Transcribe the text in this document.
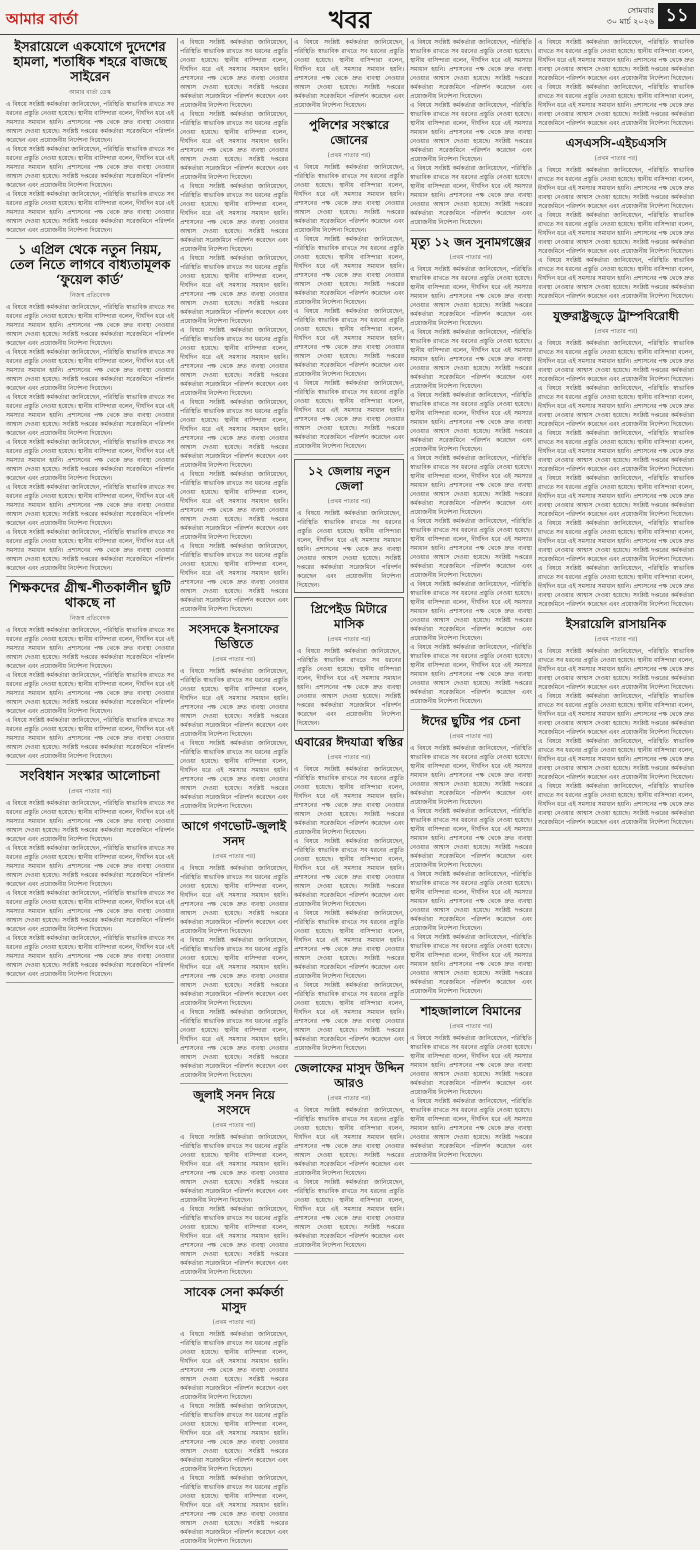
আমার বার্তা	খবর	সোমবার
৩০ মার্চ ২০২৬ ১১
ইসরায়েলে একযোগে দুদেশের হামলা, শতাধিক শহরে বাজছে সাইরেন

আমার বার্তা ডেস্ক

এ বিষয়ে সংশ্লিষ্ট কর্মকর্তারা জানিয়েছেন, পরিস্থিতি স্বাভাবিক রাখতে সব ধরনের প্রস্তুতি নেওয়া হয়েছে। স্থানীয় বাসিন্দারা বলেন, দীর্ঘদিন ধরে এই সমস্যার সমাধান হয়নি। প্রশাসনের পক্ষ থেকে দ্রুত ব্যবস্থা নেওয়ার আশ্বাস দেওয়া হয়েছে। সংশ্লিষ্ট দপ্তরের কর্মকর্তারা সরেজমিনে পরিদর্শন করেছেন এবং প্রয়োজনীয় নির্দেশনা দিয়েছেন।

এ বিষয়ে সংশ্লিষ্ট কর্মকর্তারা জানিয়েছেন, পরিস্থিতি স্বাভাবিক রাখতে সব ধরনের প্রস্তুতি নেওয়া হয়েছে। স্থানীয় বাসিন্দারা বলেন, দীর্ঘদিন ধরে এই সমস্যার সমাধান হয়নি। প্রশাসনের পক্ষ থেকে দ্রুত ব্যবস্থা নেওয়ার আশ্বাস দেওয়া হয়েছে। সংশ্লিষ্ট দপ্তরের কর্মকর্তারা সরেজমিনে পরিদর্শন করেছেন এবং প্রয়োজনীয় নির্দেশনা দিয়েছেন।

এ বিষয়ে সংশ্লিষ্ট কর্মকর্তারা জানিয়েছেন, পরিস্থিতি স্বাভাবিক রাখতে সব ধরনের প্রস্তুতি নেওয়া হয়েছে। স্থানীয় বাসিন্দারা বলেন, দীর্ঘদিন ধরে এই সমস্যার সমাধান হয়নি। প্রশাসনের পক্ষ থেকে দ্রুত ব্যবস্থা নেওয়ার আশ্বাস দেওয়া হয়েছে। সংশ্লিষ্ট দপ্তরের কর্মকর্তারা সরেজমিনে পরিদর্শন করেছেন এবং প্রয়োজনীয় নির্দেশনা দিয়েছেন।

১ এপ্রিল থেকে নতুন নিয়ম, তেল নিতে লাগবে বাধ্যতামূলক ‘ফুয়েল কার্ড’

নিজস্ব প্রতিবেদক

এ বিষয়ে সংশ্লিষ্ট কর্মকর্তারা জানিয়েছেন, পরিস্থিতি স্বাভাবিক রাখতে সব ধরনের প্রস্তুতি নেওয়া হয়েছে। স্থানীয় বাসিন্দারা বলেন, দীর্ঘদিন ধরে এই সমস্যার সমাধান হয়নি। প্রশাসনের পক্ষ থেকে দ্রুত ব্যবস্থা নেওয়ার আশ্বাস দেওয়া হয়েছে। সংশ্লিষ্ট দপ্তরের কর্মকর্তারা সরেজমিনে পরিদর্শন করেছেন এবং প্রয়োজনীয় নির্দেশনা দিয়েছেন।

এ বিষয়ে সংশ্লিষ্ট কর্মকর্তারা জানিয়েছেন, পরিস্থিতি স্বাভাবিক রাখতে সব ধরনের প্রস্তুতি নেওয়া হয়েছে। স্থানীয় বাসিন্দারা বলেন, দীর্ঘদিন ধরে এই সমস্যার সমাধান হয়নি। প্রশাসনের পক্ষ থেকে দ্রুত ব্যবস্থা নেওয়ার আশ্বাস দেওয়া হয়েছে। সংশ্লিষ্ট দপ্তরের কর্মকর্তারা সরেজমিনে পরিদর্শন করেছেন এবং প্রয়োজনীয় নির্দেশনা দিয়েছেন।

এ বিষয়ে সংশ্লিষ্ট কর্মকর্তারা জানিয়েছেন, পরিস্থিতি স্বাভাবিক রাখতে সব ধরনের প্রস্তুতি নেওয়া হয়েছে। স্থানীয় বাসিন্দারা বলেন, দীর্ঘদিন ধরে এই সমস্যার সমাধান হয়নি। প্রশাসনের পক্ষ থেকে দ্রুত ব্যবস্থা নেওয়ার আশ্বাস দেওয়া হয়েছে। সংশ্লিষ্ট দপ্তরের কর্মকর্তারা সরেজমিনে পরিদর্শন করেছেন এবং প্রয়োজনীয় নির্দেশনা দিয়েছেন।

এ বিষয়ে সংশ্লিষ্ট কর্মকর্তারা জানিয়েছেন, পরিস্থিতি স্বাভাবিক রাখতে সব ধরনের প্রস্তুতি নেওয়া হয়েছে। স্থানীয় বাসিন্দারা বলেন, দীর্ঘদিন ধরে এই সমস্যার সমাধান হয়নি। প্রশাসনের পক্ষ থেকে দ্রুত ব্যবস্থা নেওয়ার আশ্বাস দেওয়া হয়েছে। সংশ্লিষ্ট দপ্তরের কর্মকর্তারা সরেজমিনে পরিদর্শন করেছেন এবং প্রয়োজনীয় নির্দেশনা দিয়েছেন।

এ বিষয়ে সংশ্লিষ্ট কর্মকর্তারা জানিয়েছেন, পরিস্থিতি স্বাভাবিক রাখতে সব ধরনের প্রস্তুতি নেওয়া হয়েছে। স্থানীয় বাসিন্দারা বলেন, দীর্ঘদিন ধরে এই সমস্যার সমাধান হয়নি। প্রশাসনের পক্ষ থেকে দ্রুত ব্যবস্থা নেওয়ার আশ্বাস দেওয়া হয়েছে। সংশ্লিষ্ট দপ্তরের কর্মকর্তারা সরেজমিনে পরিদর্শন করেছেন এবং প্রয়োজনীয় নির্দেশনা দিয়েছেন।

এ বিষয়ে সংশ্লিষ্ট কর্মকর্তারা জানিয়েছেন, পরিস্থিতি স্বাভাবিক রাখতে সব ধরনের প্রস্তুতি নেওয়া হয়েছে। স্থানীয় বাসিন্দারা বলেন, দীর্ঘদিন ধরে এই সমস্যার সমাধান হয়নি। প্রশাসনের পক্ষ থেকে দ্রুত ব্যবস্থা নেওয়ার আশ্বাস দেওয়া হয়েছে। সংশ্লিষ্ট দপ্তরের কর্মকর্তারা সরেজমিনে পরিদর্শন করেছেন এবং প্রয়োজনীয় নির্দেশনা দিয়েছেন।

শিক্ষকদের গ্রীষ্ম-শীতকালীন ছুটি থাকছে না

নিজস্ব প্রতিবেদক

এ বিষয়ে সংশ্লিষ্ট কর্মকর্তারা জানিয়েছেন, পরিস্থিতি স্বাভাবিক রাখতে সব ধরনের প্রস্তুতি নেওয়া হয়েছে। স্থানীয় বাসিন্দারা বলেন, দীর্ঘদিন ধরে এই সমস্যার সমাধান হয়নি। প্রশাসনের পক্ষ থেকে দ্রুত ব্যবস্থা নেওয়ার আশ্বাস দেওয়া হয়েছে। সংশ্লিষ্ট দপ্তরের কর্মকর্তারা সরেজমিনে পরিদর্শন করেছেন এবং প্রয়োজনীয় নির্দেশনা দিয়েছেন।

এ বিষয়ে সংশ্লিষ্ট কর্মকর্তারা জানিয়েছেন, পরিস্থিতি স্বাভাবিক রাখতে সব ধরনের প্রস্তুতি নেওয়া হয়েছে। স্থানীয় বাসিন্দারা বলেন, দীর্ঘদিন ধরে এই সমস্যার সমাধান হয়নি। প্রশাসনের পক্ষ থেকে দ্রুত ব্যবস্থা নেওয়ার আশ্বাস দেওয়া হয়েছে। সংশ্লিষ্ট দপ্তরের কর্মকর্তারা সরেজমিনে পরিদর্শন করেছেন এবং প্রয়োজনীয় নির্দেশনা দিয়েছেন।

এ বিষয়ে সংশ্লিষ্ট কর্মকর্তারা জানিয়েছেন, পরিস্থিতি স্বাভাবিক রাখতে সব ধরনের প্রস্তুতি নেওয়া হয়েছে। স্থানীয় বাসিন্দারা বলেন, দীর্ঘদিন ধরে এই সমস্যার সমাধান হয়নি। প্রশাসনের পক্ষ থেকে দ্রুত ব্যবস্থা নেওয়ার আশ্বাস দেওয়া হয়েছে। সংশ্লিষ্ট দপ্তরের কর্মকর্তারা সরেজমিনে পরিদর্শন করেছেন এবং প্রয়োজনীয় নির্দেশনা দিয়েছেন।

সংবিধান সংস্কার আলোচনা

(প্রথম পাতার পর)

এ বিষয়ে সংশ্লিষ্ট কর্মকর্তারা জানিয়েছেন, পরিস্থিতি স্বাভাবিক রাখতে সব ধরনের প্রস্তুতি নেওয়া হয়েছে। স্থানীয় বাসিন্দারা বলেন, দীর্ঘদিন ধরে এই সমস্যার সমাধান হয়নি। প্রশাসনের পক্ষ থেকে দ্রুত ব্যবস্থা নেওয়ার আশ্বাস দেওয়া হয়েছে। সংশ্লিষ্ট দপ্তরের কর্মকর্তারা সরেজমিনে পরিদর্শন করেছেন এবং প্রয়োজনীয় নির্দেশনা দিয়েছেন।

এ বিষয়ে সংশ্লিষ্ট কর্মকর্তারা জানিয়েছেন, পরিস্থিতি স্বাভাবিক রাখতে সব ধরনের প্রস্তুতি নেওয়া হয়েছে। স্থানীয় বাসিন্দারা বলেন, দীর্ঘদিন ধরে এই সমস্যার সমাধান হয়নি। প্রশাসনের পক্ষ থেকে দ্রুত ব্যবস্থা নেওয়ার আশ্বাস দেওয়া হয়েছে। সংশ্লিষ্ট দপ্তরের কর্মকর্তারা সরেজমিনে পরিদর্শন করেছেন এবং প্রয়োজনীয় নির্দেশনা দিয়েছেন।

এ বিষয়ে সংশ্লিষ্ট কর্মকর্তারা জানিয়েছেন, পরিস্থিতি স্বাভাবিক রাখতে সব ধরনের প্রস্তুতি নেওয়া হয়েছে। স্থানীয় বাসিন্দারা বলেন, দীর্ঘদিন ধরে এই সমস্যার সমাধান হয়নি। প্রশাসনের পক্ষ থেকে দ্রুত ব্যবস্থা নেওয়ার আশ্বাস দেওয়া হয়েছে। সংশ্লিষ্ট দপ্তরের কর্মকর্তারা সরেজমিনে পরিদর্শন করেছেন এবং প্রয়োজনীয় নির্দেশনা দিয়েছেন।

এ বিষয়ে সংশ্লিষ্ট কর্মকর্তারা জানিয়েছেন, পরিস্থিতি স্বাভাবিক রাখতে সব ধরনের প্রস্তুতি নেওয়া হয়েছে। স্থানীয় বাসিন্দারা বলেন, দীর্ঘদিন ধরে এই সমস্যার সমাধান হয়নি। প্রশাসনের পক্ষ থেকে দ্রুত ব্যবস্থা নেওয়ার আশ্বাস দেওয়া হয়েছে। সংশ্লিষ্ট দপ্তরের কর্মকর্তারা সরেজমিনে পরিদর্শন করেছেন এবং প্রয়োজনীয় নির্দেশনা দিয়েছেন।

এ বিষয়ে সংশ্লিষ্ট কর্মকর্তারা জানিয়েছেন, পরিস্থিতি স্বাভাবিক রাখতে সব ধরনের প্রস্তুতি নেওয়া হয়েছে। স্থানীয় বাসিন্দারা বলেন, দীর্ঘদিন ধরে এই সমস্যার সমাধান হয়নি। প্রশাসনের পক্ষ থেকে দ্রুত ব্যবস্থা নেওয়ার আশ্বাস দেওয়া হয়েছে। সংশ্লিষ্ট দপ্তরের কর্মকর্তারা সরেজমিনে পরিদর্শন করেছেন এবং প্রয়োজনীয় নির্দেশনা দিয়েছেন।

এ বিষয়ে সংশ্লিষ্ট কর্মকর্তারা জানিয়েছেন, পরিস্থিতি স্বাভাবিক রাখতে সব ধরনের প্রস্তুতি নেওয়া হয়েছে। স্থানীয় বাসিন্দারা বলেন, দীর্ঘদিন ধরে এই সমস্যার সমাধান হয়নি। প্রশাসনের পক্ষ থেকে দ্রুত ব্যবস্থা নেওয়ার আশ্বাস দেওয়া হয়েছে। সংশ্লিষ্ট দপ্তরের কর্মকর্তারা সরেজমিনে পরিদর্শন করেছেন এবং প্রয়োজনীয় নির্দেশনা দিয়েছেন।

এ বিষয়ে সংশ্লিষ্ট কর্মকর্তারা জানিয়েছেন, পরিস্থিতি স্বাভাবিক রাখতে সব ধরনের প্রস্তুতি নেওয়া হয়েছে। স্থানীয় বাসিন্দারা বলেন, দীর্ঘদিন ধরে এই সমস্যার সমাধান হয়নি। প্রশাসনের পক্ষ থেকে দ্রুত ব্যবস্থা নেওয়ার আশ্বাস দেওয়া হয়েছে। সংশ্লিষ্ট দপ্তরের কর্মকর্তারা সরেজমিনে পরিদর্শন করেছেন এবং প্রয়োজনীয় নির্দেশনা দিয়েছেন।

এ বিষয়ে সংশ্লিষ্ট কর্মকর্তারা জানিয়েছেন, পরিস্থিতি স্বাভাবিক রাখতে সব ধরনের প্রস্তুতি নেওয়া হয়েছে। স্থানীয় বাসিন্দারা বলেন, দীর্ঘদিন ধরে এই সমস্যার সমাধান হয়নি। প্রশাসনের পক্ষ থেকে দ্রুত ব্যবস্থা নেওয়ার আশ্বাস দেওয়া হয়েছে। সংশ্লিষ্ট দপ্তরের কর্মকর্তারা সরেজমিনে পরিদর্শন করেছেন এবং প্রয়োজনীয় নির্দেশনা দিয়েছেন।

এ বিষয়ে সংশ্লিষ্ট কর্মকর্তারা জানিয়েছেন, পরিস্থিতি স্বাভাবিক রাখতে সব ধরনের প্রস্তুতি নেওয়া হয়েছে। স্থানীয় বাসিন্দারা বলেন, দীর্ঘদিন ধরে এই সমস্যার সমাধান হয়নি। প্রশাসনের পক্ষ থেকে দ্রুত ব্যবস্থা নেওয়ার আশ্বাস দেওয়া হয়েছে। সংশ্লিষ্ট দপ্তরের কর্মকর্তারা সরেজমিনে পরিদর্শন করেছেন এবং প্রয়োজনীয় নির্দেশনা দিয়েছেন।

এ বিষয়ে সংশ্লিষ্ট কর্মকর্তারা জানিয়েছেন, পরিস্থিতি স্বাভাবিক রাখতে সব ধরনের প্রস্তুতি নেওয়া হয়েছে। স্থানীয় বাসিন্দারা বলেন, দীর্ঘদিন ধরে এই সমস্যার সমাধান হয়নি। প্রশাসনের পক্ষ থেকে দ্রুত ব্যবস্থা নেওয়ার আশ্বাস দেওয়া হয়েছে। সংশ্লিষ্ট দপ্তরের কর্মকর্তারা সরেজমিনে পরিদর্শন করেছেন এবং প্রয়োজনীয় নির্দেশনা দিয়েছেন।

এ বিষয়ে সংশ্লিষ্ট কর্মকর্তারা জানিয়েছেন, পরিস্থিতি স্বাভাবিক রাখতে সব ধরনের প্রস্তুতি নেওয়া হয়েছে। স্থানীয় বাসিন্দারা বলেন, দীর্ঘদিন ধরে এই সমস্যার সমাধান হয়নি। প্রশাসনের পক্ষ থেকে দ্রুত ব্যবস্থা নেওয়ার আশ্বাস দেওয়া হয়েছে। সংশ্লিষ্ট দপ্তরের কর্মকর্তারা সরেজমিনে পরিদর্শন করেছেন এবং প্রয়োজনীয় নির্দেশনা দিয়েছেন।

এ বিষয়ে সংশ্লিষ্ট কর্মকর্তারা জানিয়েছেন, পরিস্থিতি স্বাভাবিক রাখতে সব ধরনের প্রস্তুতি নেওয়া হয়েছে। স্থানীয় বাসিন্দারা বলেন, দীর্ঘদিন ধরে এই সমস্যার সমাধান হয়নি। প্রশাসনের পক্ষ থেকে দ্রুত ব্যবস্থা নেওয়ার আশ্বাস দেওয়া হয়েছে। সংশ্লিষ্ট দপ্তরের কর্মকর্তারা সরেজমিনে পরিদর্শন করেছেন এবং প্রয়োজনীয় নির্দেশনা দিয়েছেন।

সংসদকে ইনসাফের ভিত্তিতে

(প্রথম পাতার পর)

এ বিষয়ে সংশ্লিষ্ট কর্মকর্তারা জানিয়েছেন, পরিস্থিতি স্বাভাবিক রাখতে সব ধরনের প্রস্তুতি নেওয়া হয়েছে। স্থানীয় বাসিন্দারা বলেন, দীর্ঘদিন ধরে এই সমস্যার সমাধান হয়নি। প্রশাসনের পক্ষ থেকে দ্রুত ব্যবস্থা নেওয়ার আশ্বাস দেওয়া হয়েছে। সংশ্লিষ্ট দপ্তরের কর্মকর্তারা সরেজমিনে পরিদর্শন করেছেন এবং প্রয়োজনীয় নির্দেশনা দিয়েছেন।

এ বিষয়ে সংশ্লিষ্ট কর্মকর্তারা জানিয়েছেন, পরিস্থিতি স্বাভাবিক রাখতে সব ধরনের প্রস্তুতি নেওয়া হয়েছে। স্থানীয় বাসিন্দারা বলেন, দীর্ঘদিন ধরে এই সমস্যার সমাধান হয়নি। প্রশাসনের পক্ষ থেকে দ্রুত ব্যবস্থা নেওয়ার আশ্বাস দেওয়া হয়েছে। সংশ্লিষ্ট দপ্তরের কর্মকর্তারা সরেজমিনে পরিদর্শন করেছেন এবং প্রয়োজনীয় নির্দেশনা দিয়েছেন।

আগে গণভোট-জুলাই সনদ

(প্রথম পাতার পর)

এ বিষয়ে সংশ্লিষ্ট কর্মকর্তারা জানিয়েছেন, পরিস্থিতি স্বাভাবিক রাখতে সব ধরনের প্রস্তুতি নেওয়া হয়েছে। স্থানীয় বাসিন্দারা বলেন, দীর্ঘদিন ধরে এই সমস্যার সমাধান হয়নি। প্রশাসনের পক্ষ থেকে দ্রুত ব্যবস্থা নেওয়ার আশ্বাস দেওয়া হয়েছে। সংশ্লিষ্ট দপ্তরের কর্মকর্তারা সরেজমিনে পরিদর্শন করেছেন এবং প্রয়োজনীয় নির্দেশনা দিয়েছেন।

এ বিষয়ে সংশ্লিষ্ট কর্মকর্তারা জানিয়েছেন, পরিস্থিতি স্বাভাবিক রাখতে সব ধরনের প্রস্তুতি নেওয়া হয়েছে। স্থানীয় বাসিন্দারা বলেন, দীর্ঘদিন ধরে এই সমস্যার সমাধান হয়নি। প্রশাসনের পক্ষ থেকে দ্রুত ব্যবস্থা নেওয়ার আশ্বাস দেওয়া হয়েছে। সংশ্লিষ্ট দপ্তরের কর্মকর্তারা সরেজমিনে পরিদর্শন করেছেন এবং প্রয়োজনীয় নির্দেশনা দিয়েছেন।

এ বিষয়ে সংশ্লিষ্ট কর্মকর্তারা জানিয়েছেন, পরিস্থিতি স্বাভাবিক রাখতে সব ধরনের প্রস্তুতি নেওয়া হয়েছে। স্থানীয় বাসিন্দারা বলেন, দীর্ঘদিন ধরে এই সমস্যার সমাধান হয়নি। প্রশাসনের পক্ষ থেকে দ্রুত ব্যবস্থা নেওয়ার আশ্বাস দেওয়া হয়েছে। সংশ্লিষ্ট দপ্তরের কর্মকর্তারা সরেজমিনে পরিদর্শন করেছেন এবং প্রয়োজনীয় নির্দেশনা দিয়েছেন।

জুলাই সনদ নিয়ে সংসদে

(প্রথম পাতার পর)

এ বিষয়ে সংশ্লিষ্ট কর্মকর্তারা জানিয়েছেন, পরিস্থিতি স্বাভাবিক রাখতে সব ধরনের প্রস্তুতি নেওয়া হয়েছে। স্থানীয় বাসিন্দারা বলেন, দীর্ঘদিন ধরে এই সমস্যার সমাধান হয়নি। প্রশাসনের পক্ষ থেকে দ্রুত ব্যবস্থা নেওয়ার আশ্বাস দেওয়া হয়েছে। সংশ্লিষ্ট দপ্তরের কর্মকর্তারা সরেজমিনে পরিদর্শন করেছেন এবং প্রয়োজনীয় নির্দেশনা দিয়েছেন।

এ বিষয়ে সংশ্লিষ্ট কর্মকর্তারা জানিয়েছেন, পরিস্থিতি স্বাভাবিক রাখতে সব ধরনের প্রস্তুতি নেওয়া হয়েছে। স্থানীয় বাসিন্দারা বলেন, দীর্ঘদিন ধরে এই সমস্যার সমাধান হয়নি। প্রশাসনের পক্ষ থেকে দ্রুত ব্যবস্থা নেওয়ার আশ্বাস দেওয়া হয়েছে। সংশ্লিষ্ট দপ্তরের কর্মকর্তারা সরেজমিনে পরিদর্শন করেছেন এবং প্রয়োজনীয় নির্দেশনা দিয়েছেন।

সাবেক সেনা কর্মকর্তা মাসুদ

(প্রথম পাতার পর)

এ বিষয়ে সংশ্লিষ্ট কর্মকর্তারা জানিয়েছেন, পরিস্থিতি স্বাভাবিক রাখতে সব ধরনের প্রস্তুতি নেওয়া হয়েছে। স্থানীয় বাসিন্দারা বলেন, দীর্ঘদিন ধরে এই সমস্যার সমাধান হয়নি। প্রশাসনের পক্ষ থেকে দ্রুত ব্যবস্থা নেওয়ার আশ্বাস দেওয়া হয়েছে। সংশ্লিষ্ট দপ্তরের কর্মকর্তারা সরেজমিনে পরিদর্শন করেছেন এবং প্রয়োজনীয় নির্দেশনা দিয়েছেন।

এ বিষয়ে সংশ্লিষ্ট কর্মকর্তারা জানিয়েছেন, পরিস্থিতি স্বাভাবিক রাখতে সব ধরনের প্রস্তুতি নেওয়া হয়েছে। স্থানীয় বাসিন্দারা বলেন, দীর্ঘদিন ধরে এই সমস্যার সমাধান হয়নি। প্রশাসনের পক্ষ থেকে দ্রুত ব্যবস্থা নেওয়ার আশ্বাস দেওয়া হয়েছে। সংশ্লিষ্ট দপ্তরের কর্মকর্তারা সরেজমিনে পরিদর্শন করেছেন এবং প্রয়োজনীয় নির্দেশনা দিয়েছেন।

এ বিষয়ে সংশ্লিষ্ট কর্মকর্তারা জানিয়েছেন, পরিস্থিতি স্বাভাবিক রাখতে সব ধরনের প্রস্তুতি নেওয়া হয়েছে। স্থানীয় বাসিন্দারা বলেন, দীর্ঘদিন ধরে এই সমস্যার সমাধান হয়নি। প্রশাসনের পক্ষ থেকে দ্রুত ব্যবস্থা নেওয়ার আশ্বাস দেওয়া হয়েছে। সংশ্লিষ্ট দপ্তরের কর্মকর্তারা সরেজমিনে পরিদর্শন করেছেন এবং প্রয়োজনীয় নির্দেশনা দিয়েছেন।

এ বিষয়ে সংশ্লিষ্ট কর্মকর্তারা জানিয়েছেন, পরিস্থিতি স্বাভাবিক রাখতে সব ধরনের প্রস্তুতি নেওয়া হয়েছে। স্থানীয় বাসিন্দারা বলেন, দীর্ঘদিন ধরে এই সমস্যার সমাধান হয়নি। প্রশাসনের পক্ষ থেকে দ্রুত ব্যবস্থা নেওয়ার আশ্বাস দেওয়া হয়েছে। সংশ্লিষ্ট দপ্তরের কর্মকর্তারা সরেজমিনে পরিদর্শন করেছেন এবং প্রয়োজনীয় নির্দেশনা দিয়েছেন।

পুলিশের সংস্কারে জোনের

(প্রথম পাতার পর)

এ বিষয়ে সংশ্লিষ্ট কর্মকর্তারা জানিয়েছেন, পরিস্থিতি স্বাভাবিক রাখতে সব ধরনের প্রস্তুতি নেওয়া হয়েছে। স্থানীয় বাসিন্দারা বলেন, দীর্ঘদিন ধরে এই সমস্যার সমাধান হয়নি। প্রশাসনের পক্ষ থেকে দ্রুত ব্যবস্থা নেওয়ার আশ্বাস দেওয়া হয়েছে। সংশ্লিষ্ট দপ্তরের কর্মকর্তারা সরেজমিনে পরিদর্শন করেছেন এবং প্রয়োজনীয় নির্দেশনা দিয়েছেন।

এ বিষয়ে সংশ্লিষ্ট কর্মকর্তারা জানিয়েছেন, পরিস্থিতি স্বাভাবিক রাখতে সব ধরনের প্রস্তুতি নেওয়া হয়েছে। স্থানীয় বাসিন্দারা বলেন, দীর্ঘদিন ধরে এই সমস্যার সমাধান হয়নি। প্রশাসনের পক্ষ থেকে দ্রুত ব্যবস্থা নেওয়ার আশ্বাস দেওয়া হয়েছে। সংশ্লিষ্ট দপ্তরের কর্মকর্তারা সরেজমিনে পরিদর্শন করেছেন এবং প্রয়োজনীয় নির্দেশনা দিয়েছেন।

এ বিষয়ে সংশ্লিষ্ট কর্মকর্তারা জানিয়েছেন, পরিস্থিতি স্বাভাবিক রাখতে সব ধরনের প্রস্তুতি নেওয়া হয়েছে। স্থানীয় বাসিন্দারা বলেন, দীর্ঘদিন ধরে এই সমস্যার সমাধান হয়নি। প্রশাসনের পক্ষ থেকে দ্রুত ব্যবস্থা নেওয়ার আশ্বাস দেওয়া হয়েছে। সংশ্লিষ্ট দপ্তরের কর্মকর্তারা সরেজমিনে পরিদর্শন করেছেন এবং প্রয়োজনীয় নির্দেশনা দিয়েছেন।

এ বিষয়ে সংশ্লিষ্ট কর্মকর্তারা জানিয়েছেন, পরিস্থিতি স্বাভাবিক রাখতে সব ধরনের প্রস্তুতি নেওয়া হয়েছে। স্থানীয় বাসিন্দারা বলেন, দীর্ঘদিন ধরে এই সমস্যার সমাধান হয়নি। প্রশাসনের পক্ষ থেকে দ্রুত ব্যবস্থা নেওয়ার আশ্বাস দেওয়া হয়েছে। সংশ্লিষ্ট দপ্তরের কর্মকর্তারা সরেজমিনে পরিদর্শন করেছেন এবং প্রয়োজনীয় নির্দেশনা দিয়েছেন।

১২ জেলায় নতুন জেলা

(প্রথম পাতার পর)

এ বিষয়ে সংশ্লিষ্ট কর্মকর্তারা জানিয়েছেন, পরিস্থিতি স্বাভাবিক রাখতে সব ধরনের প্রস্তুতি নেওয়া হয়েছে। স্থানীয় বাসিন্দারা বলেন, দীর্ঘদিন ধরে এই সমস্যার সমাধান হয়নি। প্রশাসনের পক্ষ থেকে দ্রুত ব্যবস্থা নেওয়ার আশ্বাস দেওয়া হয়েছে। সংশ্লিষ্ট দপ্তরের কর্মকর্তারা সরেজমিনে পরিদর্শন করেছেন এবং প্রয়োজনীয় নির্দেশনা দিয়েছেন।

প্রিপেইড মিটারে মাসিক

(প্রথম পাতার পর)

এ বিষয়ে সংশ্লিষ্ট কর্মকর্তারা জানিয়েছেন, পরিস্থিতি স্বাভাবিক রাখতে সব ধরনের প্রস্তুতি নেওয়া হয়েছে। স্থানীয় বাসিন্দারা বলেন, দীর্ঘদিন ধরে এই সমস্যার সমাধান হয়নি। প্রশাসনের পক্ষ থেকে দ্রুত ব্যবস্থা নেওয়ার আশ্বাস দেওয়া হয়েছে। সংশ্লিষ্ট দপ্তরের কর্মকর্তারা সরেজমিনে পরিদর্শন করেছেন এবং প্রয়োজনীয় নির্দেশনা দিয়েছেন।

এবারের ঈদযাত্রা স্বস্তির

(প্রথম পাতার পর)

এ বিষয়ে সংশ্লিষ্ট কর্মকর্তারা জানিয়েছেন, পরিস্থিতি স্বাভাবিক রাখতে সব ধরনের প্রস্তুতি নেওয়া হয়েছে। স্থানীয় বাসিন্দারা বলেন, দীর্ঘদিন ধরে এই সমস্যার সমাধান হয়নি। প্রশাসনের পক্ষ থেকে দ্রুত ব্যবস্থা নেওয়ার আশ্বাস দেওয়া হয়েছে। সংশ্লিষ্ট দপ্তরের কর্মকর্তারা সরেজমিনে পরিদর্শন করেছেন এবং প্রয়োজনীয় নির্দেশনা দিয়েছেন।

এ বিষয়ে সংশ্লিষ্ট কর্মকর্তারা জানিয়েছেন, পরিস্থিতি স্বাভাবিক রাখতে সব ধরনের প্রস্তুতি নেওয়া হয়েছে। স্থানীয় বাসিন্দারা বলেন, দীর্ঘদিন ধরে এই সমস্যার সমাধান হয়নি। প্রশাসনের পক্ষ থেকে দ্রুত ব্যবস্থা নেওয়ার আশ্বাস দেওয়া হয়েছে। সংশ্লিষ্ট দপ্তরের কর্মকর্তারা সরেজমিনে পরিদর্শন করেছেন এবং প্রয়োজনীয় নির্দেশনা দিয়েছেন।

এ বিষয়ে সংশ্লিষ্ট কর্মকর্তারা জানিয়েছেন, পরিস্থিতি স্বাভাবিক রাখতে সব ধরনের প্রস্তুতি নেওয়া হয়েছে। স্থানীয় বাসিন্দারা বলেন, দীর্ঘদিন ধরে এই সমস্যার সমাধান হয়নি। প্রশাসনের পক্ষ থেকে দ্রুত ব্যবস্থা নেওয়ার আশ্বাস দেওয়া হয়েছে। সংশ্লিষ্ট দপ্তরের কর্মকর্তারা সরেজমিনে পরিদর্শন করেছেন এবং প্রয়োজনীয় নির্দেশনা দিয়েছেন।

এ বিষয়ে সংশ্লিষ্ট কর্মকর্তারা জানিয়েছেন, পরিস্থিতি স্বাভাবিক রাখতে সব ধরনের প্রস্তুতি নেওয়া হয়েছে। স্থানীয় বাসিন্দারা বলেন, দীর্ঘদিন ধরে এই সমস্যার সমাধান হয়নি। প্রশাসনের পক্ষ থেকে দ্রুত ব্যবস্থা নেওয়ার আশ্বাস দেওয়া হয়েছে। সংশ্লিষ্ট দপ্তরের কর্মকর্তারা সরেজমিনে পরিদর্শন করেছেন এবং প্রয়োজনীয় নির্দেশনা দিয়েছেন।

জেলাফের মাসুদ উদ্দিন আরও

(প্রথম পাতার পর)

এ বিষয়ে সংশ্লিষ্ট কর্মকর্তারা জানিয়েছেন, পরিস্থিতি স্বাভাবিক রাখতে সব ধরনের প্রস্তুতি নেওয়া হয়েছে। স্থানীয় বাসিন্দারা বলেন, দীর্ঘদিন ধরে এই সমস্যার সমাধান হয়নি। প্রশাসনের পক্ষ থেকে দ্রুত ব্যবস্থা নেওয়ার আশ্বাস দেওয়া হয়েছে। সংশ্লিষ্ট দপ্তরের কর্মকর্তারা সরেজমিনে পরিদর্শন করেছেন এবং প্রয়োজনীয় নির্দেশনা দিয়েছেন।

এ বিষয়ে সংশ্লিষ্ট কর্মকর্তারা জানিয়েছেন, পরিস্থিতি স্বাভাবিক রাখতে সব ধরনের প্রস্তুতি নেওয়া হয়েছে। স্থানীয় বাসিন্দারা বলেন, দীর্ঘদিন ধরে এই সমস্যার সমাধান হয়নি। প্রশাসনের পক্ষ থেকে দ্রুত ব্যবস্থা নেওয়ার আশ্বাস দেওয়া হয়েছে। সংশ্লিষ্ট দপ্তরের কর্মকর্তারা সরেজমিনে পরিদর্শন করেছেন এবং প্রয়োজনীয় নির্দেশনা দিয়েছেন।

এ বিষয়ে সংশ্লিষ্ট কর্মকর্তারা জানিয়েছেন, পরিস্থিতি স্বাভাবিক রাখতে সব ধরনের প্রস্তুতি নেওয়া হয়েছে। স্থানীয় বাসিন্দারা বলেন, দীর্ঘদিন ধরে এই সমস্যার সমাধান হয়নি। প্রশাসনের পক্ষ থেকে দ্রুত ব্যবস্থা নেওয়ার আশ্বাস দেওয়া হয়েছে। সংশ্লিষ্ট দপ্তরের কর্মকর্তারা সরেজমিনে পরিদর্শন করেছেন এবং প্রয়োজনীয় নির্দেশনা দিয়েছেন।

এ বিষয়ে সংশ্লিষ্ট কর্মকর্তারা জানিয়েছেন, পরিস্থিতি স্বাভাবিক রাখতে সব ধরনের প্রস্তুতি নেওয়া হয়েছে। স্থানীয় বাসিন্দারা বলেন, দীর্ঘদিন ধরে এই সমস্যার সমাধান হয়নি। প্রশাসনের পক্ষ থেকে দ্রুত ব্যবস্থা নেওয়ার আশ্বাস দেওয়া হয়েছে। সংশ্লিষ্ট দপ্তরের কর্মকর্তারা সরেজমিনে পরিদর্শন করেছেন এবং প্রয়োজনীয় নির্দেশনা দিয়েছেন।

এ বিষয়ে সংশ্লিষ্ট কর্মকর্তারা জানিয়েছেন, পরিস্থিতি স্বাভাবিক রাখতে সব ধরনের প্রস্তুতি নেওয়া হয়েছে। স্থানীয় বাসিন্দারা বলেন, দীর্ঘদিন ধরে এই সমস্যার সমাধান হয়নি। প্রশাসনের পক্ষ থেকে দ্রুত ব্যবস্থা নেওয়ার আশ্বাস দেওয়া হয়েছে। সংশ্লিষ্ট দপ্তরের কর্মকর্তারা সরেজমিনে পরিদর্শন করেছেন এবং প্রয়োজনীয় নির্দেশনা দিয়েছেন।

মৃত্যু ১২ জন সুনামগঞ্জের

(প্রথম পাতার পর)

এ বিষয়ে সংশ্লিষ্ট কর্মকর্তারা জানিয়েছেন, পরিস্থিতি স্বাভাবিক রাখতে সব ধরনের প্রস্তুতি নেওয়া হয়েছে। স্থানীয় বাসিন্দারা বলেন, দীর্ঘদিন ধরে এই সমস্যার সমাধান হয়নি। প্রশাসনের পক্ষ থেকে দ্রুত ব্যবস্থা নেওয়ার আশ্বাস দেওয়া হয়েছে। সংশ্লিষ্ট দপ্তরের কর্মকর্তারা সরেজমিনে পরিদর্শন করেছেন এবং প্রয়োজনীয় নির্দেশনা দিয়েছেন।

এ বিষয়ে সংশ্লিষ্ট কর্মকর্তারা জানিয়েছেন, পরিস্থিতি স্বাভাবিক রাখতে সব ধরনের প্রস্তুতি নেওয়া হয়েছে। স্থানীয় বাসিন্দারা বলেন, দীর্ঘদিন ধরে এই সমস্যার সমাধান হয়নি। প্রশাসনের পক্ষ থেকে দ্রুত ব্যবস্থা নেওয়ার আশ্বাস দেওয়া হয়েছে। সংশ্লিষ্ট দপ্তরের কর্মকর্তারা সরেজমিনে পরিদর্শন করেছেন এবং প্রয়োজনীয় নির্দেশনা দিয়েছেন।

এ বিষয়ে সংশ্লিষ্ট কর্মকর্তারা জানিয়েছেন, পরিস্থিতি স্বাভাবিক রাখতে সব ধরনের প্রস্তুতি নেওয়া হয়েছে। স্থানীয় বাসিন্দারা বলেন, দীর্ঘদিন ধরে এই সমস্যার সমাধান হয়নি। প্রশাসনের পক্ষ থেকে দ্রুত ব্যবস্থা নেওয়ার আশ্বাস দেওয়া হয়েছে। সংশ্লিষ্ট দপ্তরের কর্মকর্তারা সরেজমিনে পরিদর্শন করেছেন এবং প্রয়োজনীয় নির্দেশনা দিয়েছেন।

এ বিষয়ে সংশ্লিষ্ট কর্মকর্তারা জানিয়েছেন, পরিস্থিতি স্বাভাবিক রাখতে সব ধরনের প্রস্তুতি নেওয়া হয়েছে। স্থানীয় বাসিন্দারা বলেন, দীর্ঘদিন ধরে এই সমস্যার সমাধান হয়নি। প্রশাসনের পক্ষ থেকে দ্রুত ব্যবস্থা নেওয়ার আশ্বাস দেওয়া হয়েছে। সংশ্লিষ্ট দপ্তরের কর্মকর্তারা সরেজমিনে পরিদর্শন করেছেন এবং প্রয়োজনীয় নির্দেশনা দিয়েছেন।

এ বিষয়ে সংশ্লিষ্ট কর্মকর্তারা জানিয়েছেন, পরিস্থিতি স্বাভাবিক রাখতে সব ধরনের প্রস্তুতি নেওয়া হয়েছে। স্থানীয় বাসিন্দারা বলেন, দীর্ঘদিন ধরে এই সমস্যার সমাধান হয়নি। প্রশাসনের পক্ষ থেকে দ্রুত ব্যবস্থা নেওয়ার আশ্বাস দেওয়া হয়েছে। সংশ্লিষ্ট দপ্তরের কর্মকর্তারা সরেজমিনে পরিদর্শন করেছেন এবং প্রয়োজনীয় নির্দেশনা দিয়েছেন।

এ বিষয়ে সংশ্লিষ্ট কর্মকর্তারা জানিয়েছেন, পরিস্থিতি স্বাভাবিক রাখতে সব ধরনের প্রস্তুতি নেওয়া হয়েছে। স্থানীয় বাসিন্দারা বলেন, দীর্ঘদিন ধরে এই সমস্যার সমাধান হয়নি। প্রশাসনের পক্ষ থেকে দ্রুত ব্যবস্থা নেওয়ার আশ্বাস দেওয়া হয়েছে। সংশ্লিষ্ট দপ্তরের কর্মকর্তারা সরেজমিনে পরিদর্শন করেছেন এবং প্রয়োজনীয় নির্দেশনা দিয়েছেন।

এ বিষয়ে সংশ্লিষ্ট কর্মকর্তারা জানিয়েছেন, পরিস্থিতি স্বাভাবিক রাখতে সব ধরনের প্রস্তুতি নেওয়া হয়েছে। স্থানীয় বাসিন্দারা বলেন, দীর্ঘদিন ধরে এই সমস্যার সমাধান হয়নি। প্রশাসনের পক্ষ থেকে দ্রুত ব্যবস্থা নেওয়ার আশ্বাস দেওয়া হয়েছে। সংশ্লিষ্ট দপ্তরের কর্মকর্তারা সরেজমিনে পরিদর্শন করেছেন এবং প্রয়োজনীয় নির্দেশনা দিয়েছেন।

ঈদের ছুটির পর চেনা

(প্রথম পাতার পর)

এ বিষয়ে সংশ্লিষ্ট কর্মকর্তারা জানিয়েছেন, পরিস্থিতি স্বাভাবিক রাখতে সব ধরনের প্রস্তুতি নেওয়া হয়েছে। স্থানীয় বাসিন্দারা বলেন, দীর্ঘদিন ধরে এই সমস্যার সমাধান হয়নি। প্রশাসনের পক্ষ থেকে দ্রুত ব্যবস্থা নেওয়ার আশ্বাস দেওয়া হয়েছে। সংশ্লিষ্ট দপ্তরের কর্মকর্তারা সরেজমিনে পরিদর্শন করেছেন এবং প্রয়োজনীয় নির্দেশনা দিয়েছেন।

এ বিষয়ে সংশ্লিষ্ট কর্মকর্তারা জানিয়েছেন, পরিস্থিতি স্বাভাবিক রাখতে সব ধরনের প্রস্তুতি নেওয়া হয়েছে। স্থানীয় বাসিন্দারা বলেন, দীর্ঘদিন ধরে এই সমস্যার সমাধান হয়নি। প্রশাসনের পক্ষ থেকে দ্রুত ব্যবস্থা নেওয়ার আশ্বাস দেওয়া হয়েছে। সংশ্লিষ্ট দপ্তরের কর্মকর্তারা সরেজমিনে পরিদর্শন করেছেন এবং প্রয়োজনীয় নির্দেশনা দিয়েছেন।

এ বিষয়ে সংশ্লিষ্ট কর্মকর্তারা জানিয়েছেন, পরিস্থিতি স্বাভাবিক রাখতে সব ধরনের প্রস্তুতি নেওয়া হয়েছে। স্থানীয় বাসিন্দারা বলেন, দীর্ঘদিন ধরে এই সমস্যার সমাধান হয়নি। প্রশাসনের পক্ষ থেকে দ্রুত ব্যবস্থা নেওয়ার আশ্বাস দেওয়া হয়েছে। সংশ্লিষ্ট দপ্তরের কর্মকর্তারা সরেজমিনে পরিদর্শন করেছেন এবং প্রয়োজনীয় নির্দেশনা দিয়েছেন।

এ বিষয়ে সংশ্লিষ্ট কর্মকর্তারা জানিয়েছেন, পরিস্থিতি স্বাভাবিক রাখতে সব ধরনের প্রস্তুতি নেওয়া হয়েছে। স্থানীয় বাসিন্দারা বলেন, দীর্ঘদিন ধরে এই সমস্যার সমাধান হয়নি। প্রশাসনের পক্ষ থেকে দ্রুত ব্যবস্থা নেওয়ার আশ্বাস দেওয়া হয়েছে। সংশ্লিষ্ট দপ্তরের কর্মকর্তারা সরেজমিনে পরিদর্শন করেছেন এবং প্রয়োজনীয় নির্দেশনা দিয়েছেন।

শাহজালালে বিমানের

(প্রথম পাতার পর)

এ বিষয়ে সংশ্লিষ্ট কর্মকর্তারা জানিয়েছেন, পরিস্থিতি স্বাভাবিক রাখতে সব ধরনের প্রস্তুতি নেওয়া হয়েছে। স্থানীয় বাসিন্দারা বলেন, দীর্ঘদিন ধরে এই সমস্যার সমাধান হয়নি। প্রশাসনের পক্ষ থেকে দ্রুত ব্যবস্থা নেওয়ার আশ্বাস দেওয়া হয়েছে। সংশ্লিষ্ট দপ্তরের কর্মকর্তারা সরেজমিনে পরিদর্শন করেছেন এবং প্রয়োজনীয় নির্দেশনা দিয়েছেন।

এ বিষয়ে সংশ্লিষ্ট কর্মকর্তারা জানিয়েছেন, পরিস্থিতি স্বাভাবিক রাখতে সব ধরনের প্রস্তুতি নেওয়া হয়েছে। স্থানীয় বাসিন্দারা বলেন, দীর্ঘদিন ধরে এই সমস্যার সমাধান হয়নি। প্রশাসনের পক্ষ থেকে দ্রুত ব্যবস্থা নেওয়ার আশ্বাস দেওয়া হয়েছে। সংশ্লিষ্ট দপ্তরের কর্মকর্তারা সরেজমিনে পরিদর্শন করেছেন এবং প্রয়োজনীয় নির্দেশনা দিয়েছেন।

এ বিষয়ে সংশ্লিষ্ট কর্মকর্তারা জানিয়েছেন, পরিস্থিতি স্বাভাবিক রাখতে সব ধরনের প্রস্তুতি নেওয়া হয়েছে। স্থানীয় বাসিন্দারা বলেন, দীর্ঘদিন ধরে এই সমস্যার সমাধান হয়নি। প্রশাসনের পক্ষ থেকে দ্রুত ব্যবস্থা নেওয়ার আশ্বাস দেওয়া হয়েছে। সংশ্লিষ্ট দপ্তরের কর্মকর্তারা সরেজমিনে পরিদর্শন করেছেন এবং প্রয়োজনীয় নির্দেশনা দিয়েছেন।

এ বিষয়ে সংশ্লিষ্ট কর্মকর্তারা জানিয়েছেন, পরিস্থিতি স্বাভাবিক রাখতে সব ধরনের প্রস্তুতি নেওয়া হয়েছে। স্থানীয় বাসিন্দারা বলেন, দীর্ঘদিন ধরে এই সমস্যার সমাধান হয়নি। প্রশাসনের পক্ষ থেকে দ্রুত ব্যবস্থা নেওয়ার আশ্বাস দেওয়া হয়েছে। সংশ্লিষ্ট দপ্তরের কর্মকর্তারা সরেজমিনে পরিদর্শন করেছেন এবং প্রয়োজনীয় নির্দেশনা দিয়েছেন।

এসএসসি-এইচএসসি

(প্রথম পাতার পর)

এ বিষয়ে সংশ্লিষ্ট কর্মকর্তারা জানিয়েছেন, পরিস্থিতি স্বাভাবিক রাখতে সব ধরনের প্রস্তুতি নেওয়া হয়েছে। স্থানীয় বাসিন্দারা বলেন, দীর্ঘদিন ধরে এই সমস্যার সমাধান হয়নি। প্রশাসনের পক্ষ থেকে দ্রুত ব্যবস্থা নেওয়ার আশ্বাস দেওয়া হয়েছে। সংশ্লিষ্ট দপ্তরের কর্মকর্তারা সরেজমিনে পরিদর্শন করেছেন এবং প্রয়োজনীয় নির্দেশনা দিয়েছেন।

এ বিষয়ে সংশ্লিষ্ট কর্মকর্তারা জানিয়েছেন, পরিস্থিতি স্বাভাবিক রাখতে সব ধরনের প্রস্তুতি নেওয়া হয়েছে। স্থানীয় বাসিন্দারা বলেন, দীর্ঘদিন ধরে এই সমস্যার সমাধান হয়নি। প্রশাসনের পক্ষ থেকে দ্রুত ব্যবস্থা নেওয়ার আশ্বাস দেওয়া হয়েছে। সংশ্লিষ্ট দপ্তরের কর্মকর্তারা সরেজমিনে পরিদর্শন করেছেন এবং প্রয়োজনীয় নির্দেশনা দিয়েছেন।

এ বিষয়ে সংশ্লিষ্ট কর্মকর্তারা জানিয়েছেন, পরিস্থিতি স্বাভাবিক রাখতে সব ধরনের প্রস্তুতি নেওয়া হয়েছে। স্থানীয় বাসিন্দারা বলেন, দীর্ঘদিন ধরে এই সমস্যার সমাধান হয়নি। প্রশাসনের পক্ষ থেকে দ্রুত ব্যবস্থা নেওয়ার আশ্বাস দেওয়া হয়েছে। সংশ্লিষ্ট দপ্তরের কর্মকর্তারা সরেজমিনে পরিদর্শন করেছেন এবং প্রয়োজনীয় নির্দেশনা দিয়েছেন।

যুক্তরাষ্ট্রজুড়ে ট্রাম্পবিরোধী

(প্রথম পাতার পর)

এ বিষয়ে সংশ্লিষ্ট কর্মকর্তারা জানিয়েছেন, পরিস্থিতি স্বাভাবিক রাখতে সব ধরনের প্রস্তুতি নেওয়া হয়েছে। স্থানীয় বাসিন্দারা বলেন, দীর্ঘদিন ধরে এই সমস্যার সমাধান হয়নি। প্রশাসনের পক্ষ থেকে দ্রুত ব্যবস্থা নেওয়ার আশ্বাস দেওয়া হয়েছে। সংশ্লিষ্ট দপ্তরের কর্মকর্তারা সরেজমিনে পরিদর্শন করেছেন এবং প্রয়োজনীয় নির্দেশনা দিয়েছেন।

এ বিষয়ে সংশ্লিষ্ট কর্মকর্তারা জানিয়েছেন, পরিস্থিতি স্বাভাবিক রাখতে সব ধরনের প্রস্তুতি নেওয়া হয়েছে। স্থানীয় বাসিন্দারা বলেন, দীর্ঘদিন ধরে এই সমস্যার সমাধান হয়নি। প্রশাসনের পক্ষ থেকে দ্রুত ব্যবস্থা নেওয়ার আশ্বাস দেওয়া হয়েছে। সংশ্লিষ্ট দপ্তরের কর্মকর্তারা সরেজমিনে পরিদর্শন করেছেন এবং প্রয়োজনীয় নির্দেশনা দিয়েছেন।

এ বিষয়ে সংশ্লিষ্ট কর্মকর্তারা জানিয়েছেন, পরিস্থিতি স্বাভাবিক রাখতে সব ধরনের প্রস্তুতি নেওয়া হয়েছে। স্থানীয় বাসিন্দারা বলেন, দীর্ঘদিন ধরে এই সমস্যার সমাধান হয়নি। প্রশাসনের পক্ষ থেকে দ্রুত ব্যবস্থা নেওয়ার আশ্বাস দেওয়া হয়েছে। সংশ্লিষ্ট দপ্তরের কর্মকর্তারা সরেজমিনে পরিদর্শন করেছেন এবং প্রয়োজনীয় নির্দেশনা দিয়েছেন।

এ বিষয়ে সংশ্লিষ্ট কর্মকর্তারা জানিয়েছেন, পরিস্থিতি স্বাভাবিক রাখতে সব ধরনের প্রস্তুতি নেওয়া হয়েছে। স্থানীয় বাসিন্দারা বলেন, দীর্ঘদিন ধরে এই সমস্যার সমাধান হয়নি। প্রশাসনের পক্ষ থেকে দ্রুত ব্যবস্থা নেওয়ার আশ্বাস দেওয়া হয়েছে। সংশ্লিষ্ট দপ্তরের কর্মকর্তারা সরেজমিনে পরিদর্শন করেছেন এবং প্রয়োজনীয় নির্দেশনা দিয়েছেন।

এ বিষয়ে সংশ্লিষ্ট কর্মকর্তারা জানিয়েছেন, পরিস্থিতি স্বাভাবিক রাখতে সব ধরনের প্রস্তুতি নেওয়া হয়েছে। স্থানীয় বাসিন্দারা বলেন, দীর্ঘদিন ধরে এই সমস্যার সমাধান হয়নি। প্রশাসনের পক্ষ থেকে দ্রুত ব্যবস্থা নেওয়ার আশ্বাস দেওয়া হয়েছে। সংশ্লিষ্ট দপ্তরের কর্মকর্তারা সরেজমিনে পরিদর্শন করেছেন এবং প্রয়োজনীয় নির্দেশনা দিয়েছেন।

এ বিষয়ে সংশ্লিষ্ট কর্মকর্তারা জানিয়েছেন, পরিস্থিতি স্বাভাবিক রাখতে সব ধরনের প্রস্তুতি নেওয়া হয়েছে। স্থানীয় বাসিন্দারা বলেন, দীর্ঘদিন ধরে এই সমস্যার সমাধান হয়নি। প্রশাসনের পক্ষ থেকে দ্রুত ব্যবস্থা নেওয়ার আশ্বাস দেওয়া হয়েছে। সংশ্লিষ্ট দপ্তরের কর্মকর্তারা সরেজমিনে পরিদর্শন করেছেন এবং প্রয়োজনীয় নির্দেশনা দিয়েছেন।

ইসরায়েলি রাসায়নিক

(প্রথম পাতার পর)

এ বিষয়ে সংশ্লিষ্ট কর্মকর্তারা জানিয়েছেন, পরিস্থিতি স্বাভাবিক রাখতে সব ধরনের প্রস্তুতি নেওয়া হয়েছে। স্থানীয় বাসিন্দারা বলেন, দীর্ঘদিন ধরে এই সমস্যার সমাধান হয়নি। প্রশাসনের পক্ষ থেকে দ্রুত ব্যবস্থা নেওয়ার আশ্বাস দেওয়া হয়েছে। সংশ্লিষ্ট দপ্তরের কর্মকর্তারা সরেজমিনে পরিদর্শন করেছেন এবং প্রয়োজনীয় নির্দেশনা দিয়েছেন।

এ বিষয়ে সংশ্লিষ্ট কর্মকর্তারা জানিয়েছেন, পরিস্থিতি স্বাভাবিক রাখতে সব ধরনের প্রস্তুতি নেওয়া হয়েছে। স্থানীয় বাসিন্দারা বলেন, দীর্ঘদিন ধরে এই সমস্যার সমাধান হয়নি। প্রশাসনের পক্ষ থেকে দ্রুত ব্যবস্থা নেওয়ার আশ্বাস দেওয়া হয়েছে। সংশ্লিষ্ট দপ্তরের কর্মকর্তারা সরেজমিনে পরিদর্শন করেছেন এবং প্রয়োজনীয় নির্দেশনা দিয়েছেন।

এ বিষয়ে সংশ্লিষ্ট কর্মকর্তারা জানিয়েছেন, পরিস্থিতি স্বাভাবিক রাখতে সব ধরনের প্রস্তুতি নেওয়া হয়েছে। স্থানীয় বাসিন্দারা বলেন, দীর্ঘদিন ধরে এই সমস্যার সমাধান হয়নি। প্রশাসনের পক্ষ থেকে দ্রুত ব্যবস্থা নেওয়ার আশ্বাস দেওয়া হয়েছে। সংশ্লিষ্ট দপ্তরের কর্মকর্তারা সরেজমিনে পরিদর্শন করেছেন এবং প্রয়োজনীয় নির্দেশনা দিয়েছেন।

এ বিষয়ে সংশ্লিষ্ট কর্মকর্তারা জানিয়েছেন, পরিস্থিতি স্বাভাবিক রাখতে সব ধরনের প্রস্তুতি নেওয়া হয়েছে। স্থানীয় বাসিন্দারা বলেন, দীর্ঘদিন ধরে এই সমস্যার সমাধান হয়নি। প্রশাসনের পক্ষ থেকে দ্রুত ব্যবস্থা নেওয়ার আশ্বাস দেওয়া হয়েছে। সংশ্লিষ্ট দপ্তরের কর্মকর্তারা সরেজমিনে পরিদর্শন করেছেন এবং প্রয়োজনীয় নির্দেশনা দিয়েছেন।
